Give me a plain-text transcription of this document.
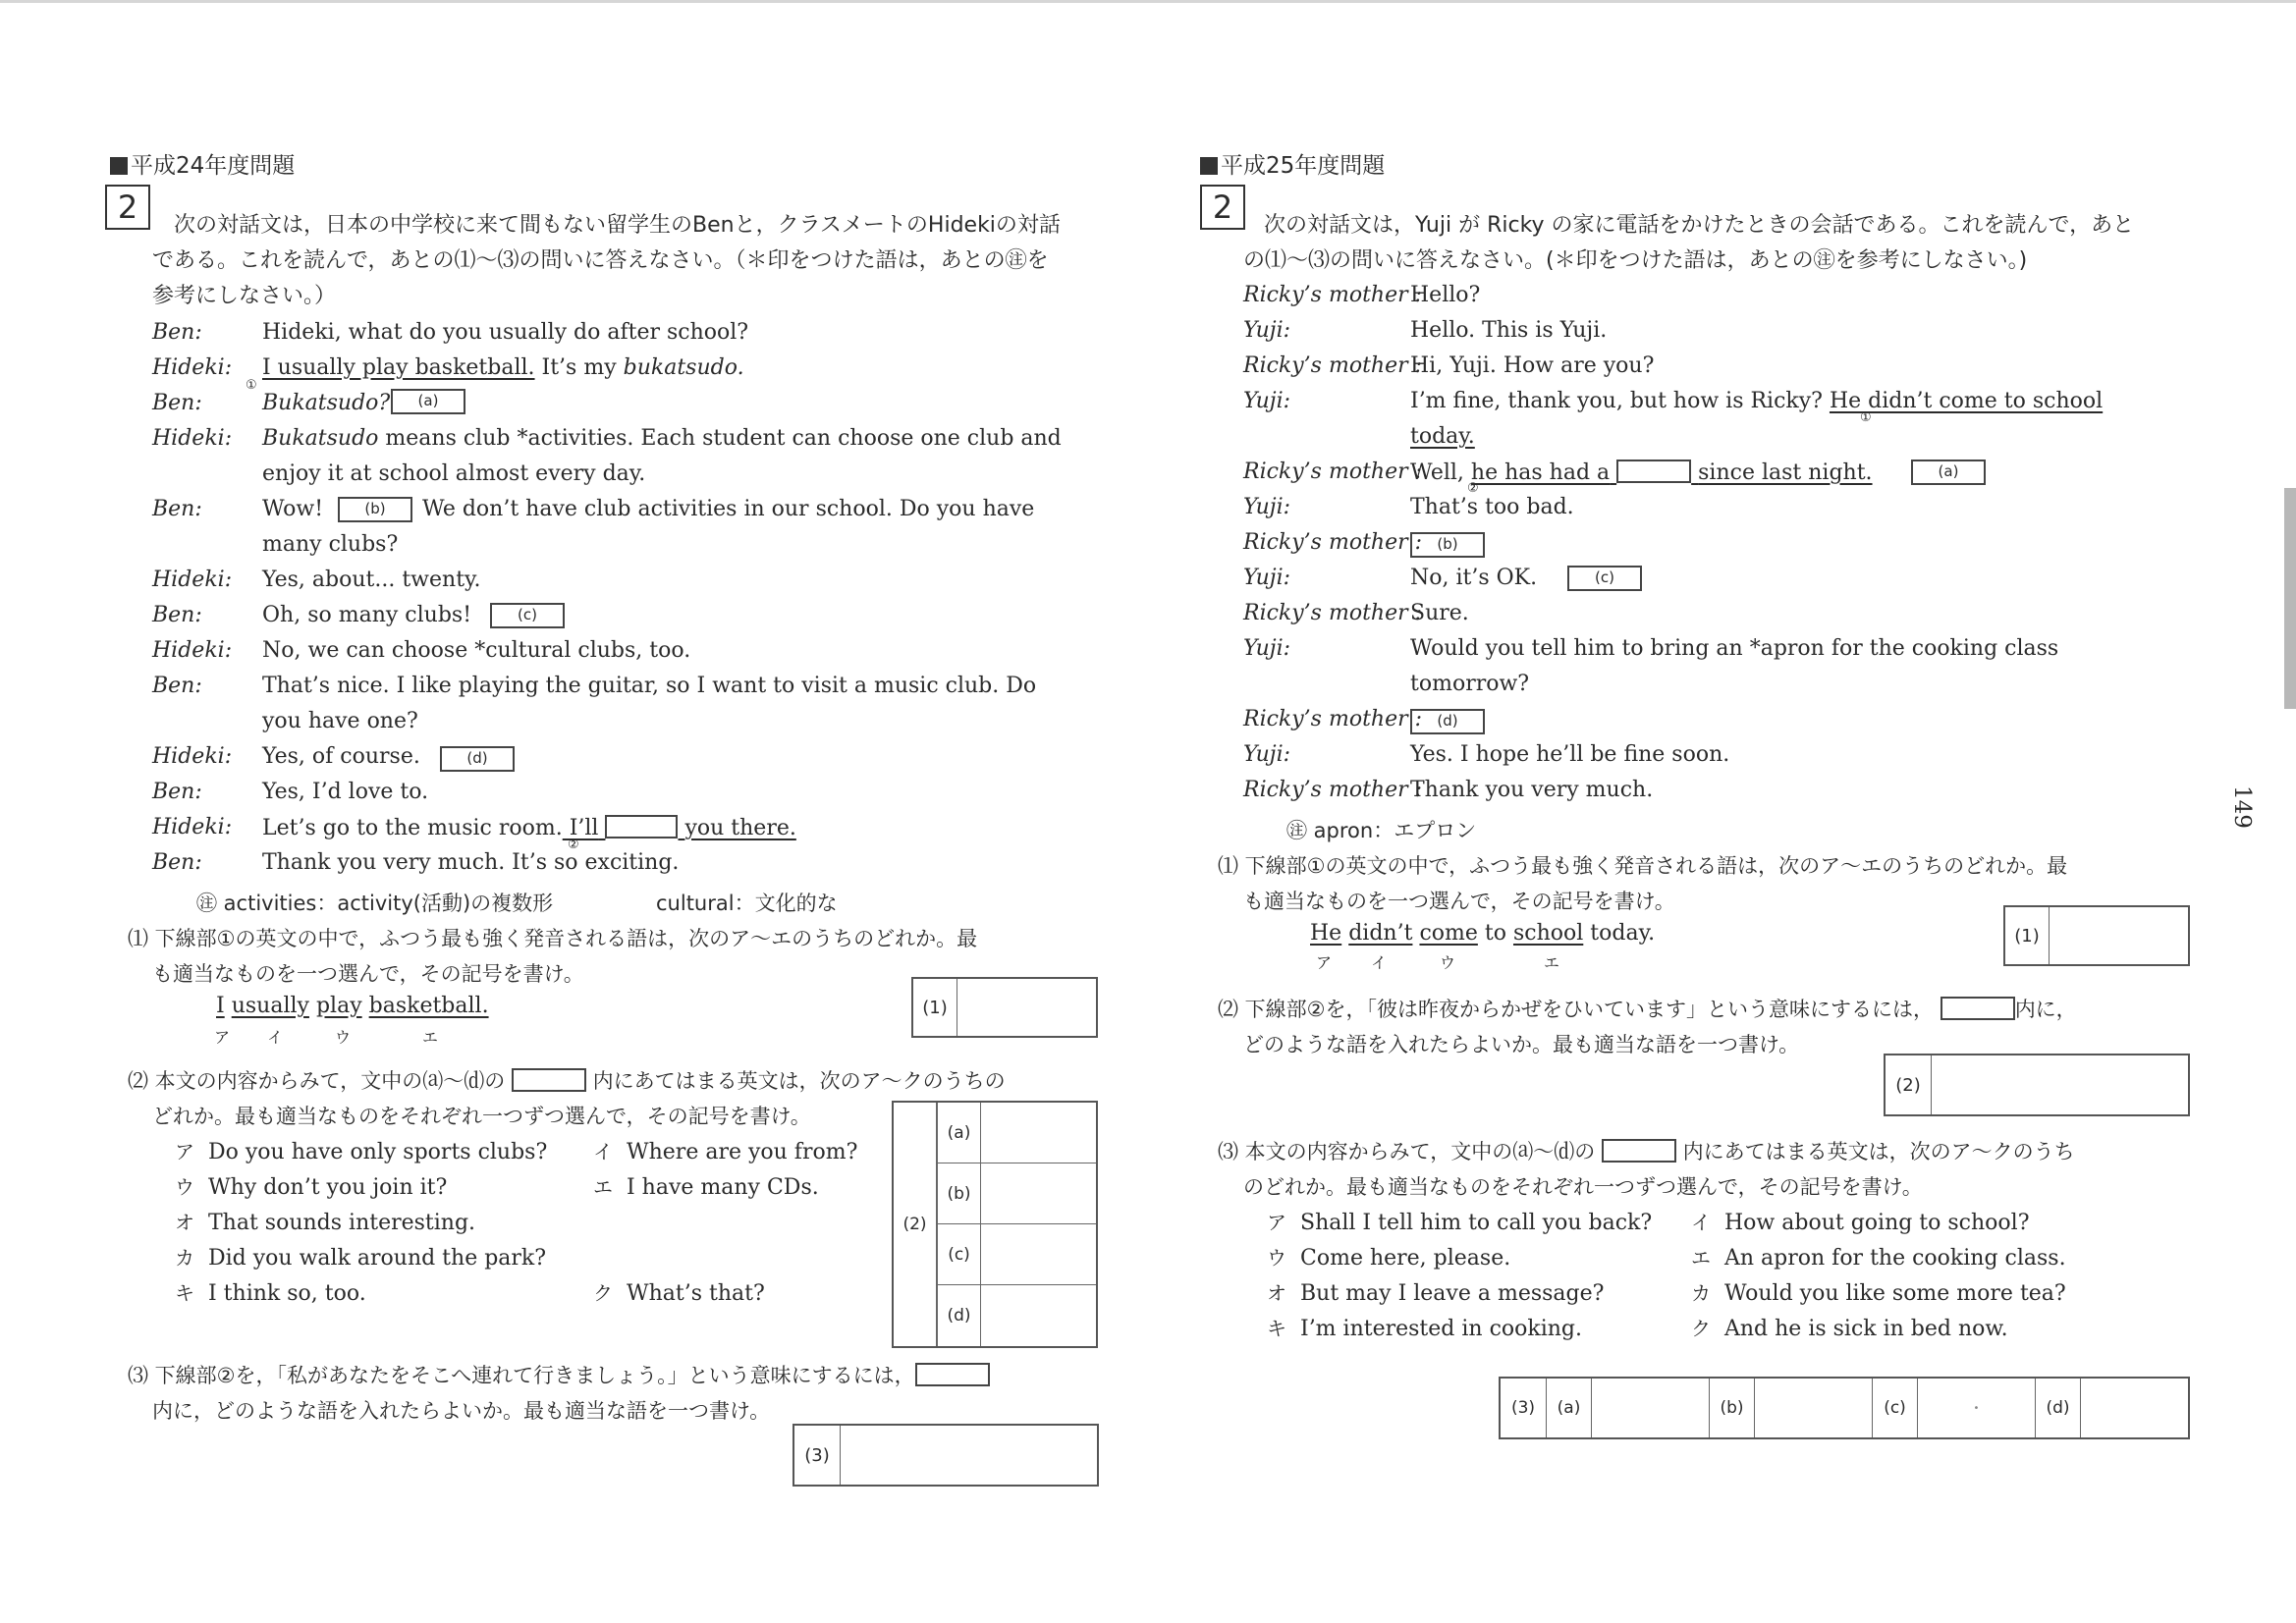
149
平成24年度問題
2	次の対話文は，日本の中学校に来て間もない留学生のBenと，クラスメートのHidekiの対話
である。これを読んで，あとの⑴～⑶の問いに答えなさい。（＊印をつけた語は，あとの㊟を
参考にしなさい。）
Ben:	Hideki, what do you usually do after school?
Hideki: I usually play basketball. It’s my bukatsudo.
①
Ben:	Bukatsudo?	(a)
Hideki: Bukatsudo means club *activities. Each student can choose one club and
enjoy it at school almost every day.
Ben:	Wow!	(b)	We don’t have club activities in our school. Do you have
many clubs?
Hideki: Yes, about... twenty.
Ben:	Oh, so many clubs!	(c)
Hideki: No, we can choose *cultural clubs, too.
Ben:	That’s nice. I like playing the guitar, so I want to visit a music club. Do
you have one?
Hideki: Yes, of course.	(d)
Ben:	Yes, I’d love to.
Hideki: Let’s go to the music room. I’ll	you there.
②
Ben:	Thank you very much. It’s so exciting.
㊟ activities：activity(活動)の複数形	cultural：文化的な
⑴ 下線部①の英文の中で，ふつう最も強く発音される語は，次のア～エのうちのどれか。最
も適当なものを一つ選んで，その記号を書け。
I usually play basketball.
ア イ	ウ	エ
(1)
⑵ 本文の内容からみて，文中の⒜～⒟の	内にあてはまる英文は，次のア～クのうちの
どれか。最も適当なものをそれぞれ一つずつ選んで，その記号を書け。
ア Do you have only sports clubs? イ Where are you from?
ウ Why don’t you join it?	エ I have many CDs.
オ That sounds interesting.
カ Did you walk around the park?
キ I think so, too.	ク What’s that?
(2)
(a)
(b)
(c)
(d)
⑶ 下線部②を，「私があなたをそこへ連れて行きましょう。」という意味にするには，
内に，どのような語を入れたらよいか。最も適当な語を一つ書け。
(3)
平成25年度問題
2	次の対話文は，Yuji が Ricky の家に電話をかけたときの会話である。これを読んで，あと
の⑴～⑶の問いに答えなさい。(＊印をつけた語は，あとの㊟を参考にしなさい。)
Ricky’s mother :
Hello?
Yuji:	Hello. This is Yuji.
Ricky’s mother :
Hi, Yuji. How are you?
Yuji:	I’m fine, thank you, but how is Ricky? He didn’t come to school
①
today.
Ricky’s mother :
Well, he has had a	since last night.	(a)
②
Yuji:	That’s too bad.
Ricky’s mother :	(b)
Yuji:	No, it’s OK.	(c)
Ricky’s mother :
Sure.
Yuji:	Would you tell him to bring an *apron for the cooking class
tomorrow?
Ricky’s mother :	(d)
Yuji:	Yes. I hope he’ll be fine soon.
Ricky’s mother :
Thank you very much.
㊟ apron：エプロン
⑴ 下線部①の英文の中で，ふつう最も強く発音される語は，次のア～エのうちのどれか。最
も適当なものを一つ選んで，その記号を書け。
He didn’t come to school today.
ア イ	ウ	エ
(1)
⑵ 下線部②を，「彼は昨夜からかぜをひいています」という意味にするには，	内に，
どのような語を入れたらよいか。最も適当な語を一つ書け。
(2)
⑶ 本文の内容からみて，文中の⒜～⒟の	内にあてはまる英文は，次のア～クのうち
のどれか。最も適当なものをそれぞれ一つずつ選んで，その記号を書け。
ア Shall I tell him to call you back? イ How about going to school?
ウ Come here, please.	エ An apron for the cooking class.
オ But may I leave a message?	カ Would you like some more tea?
キ I’m interested in cooking.	ク And he is sick in bed now.
(3)	(a)	(b)	(c)	•	(d)
